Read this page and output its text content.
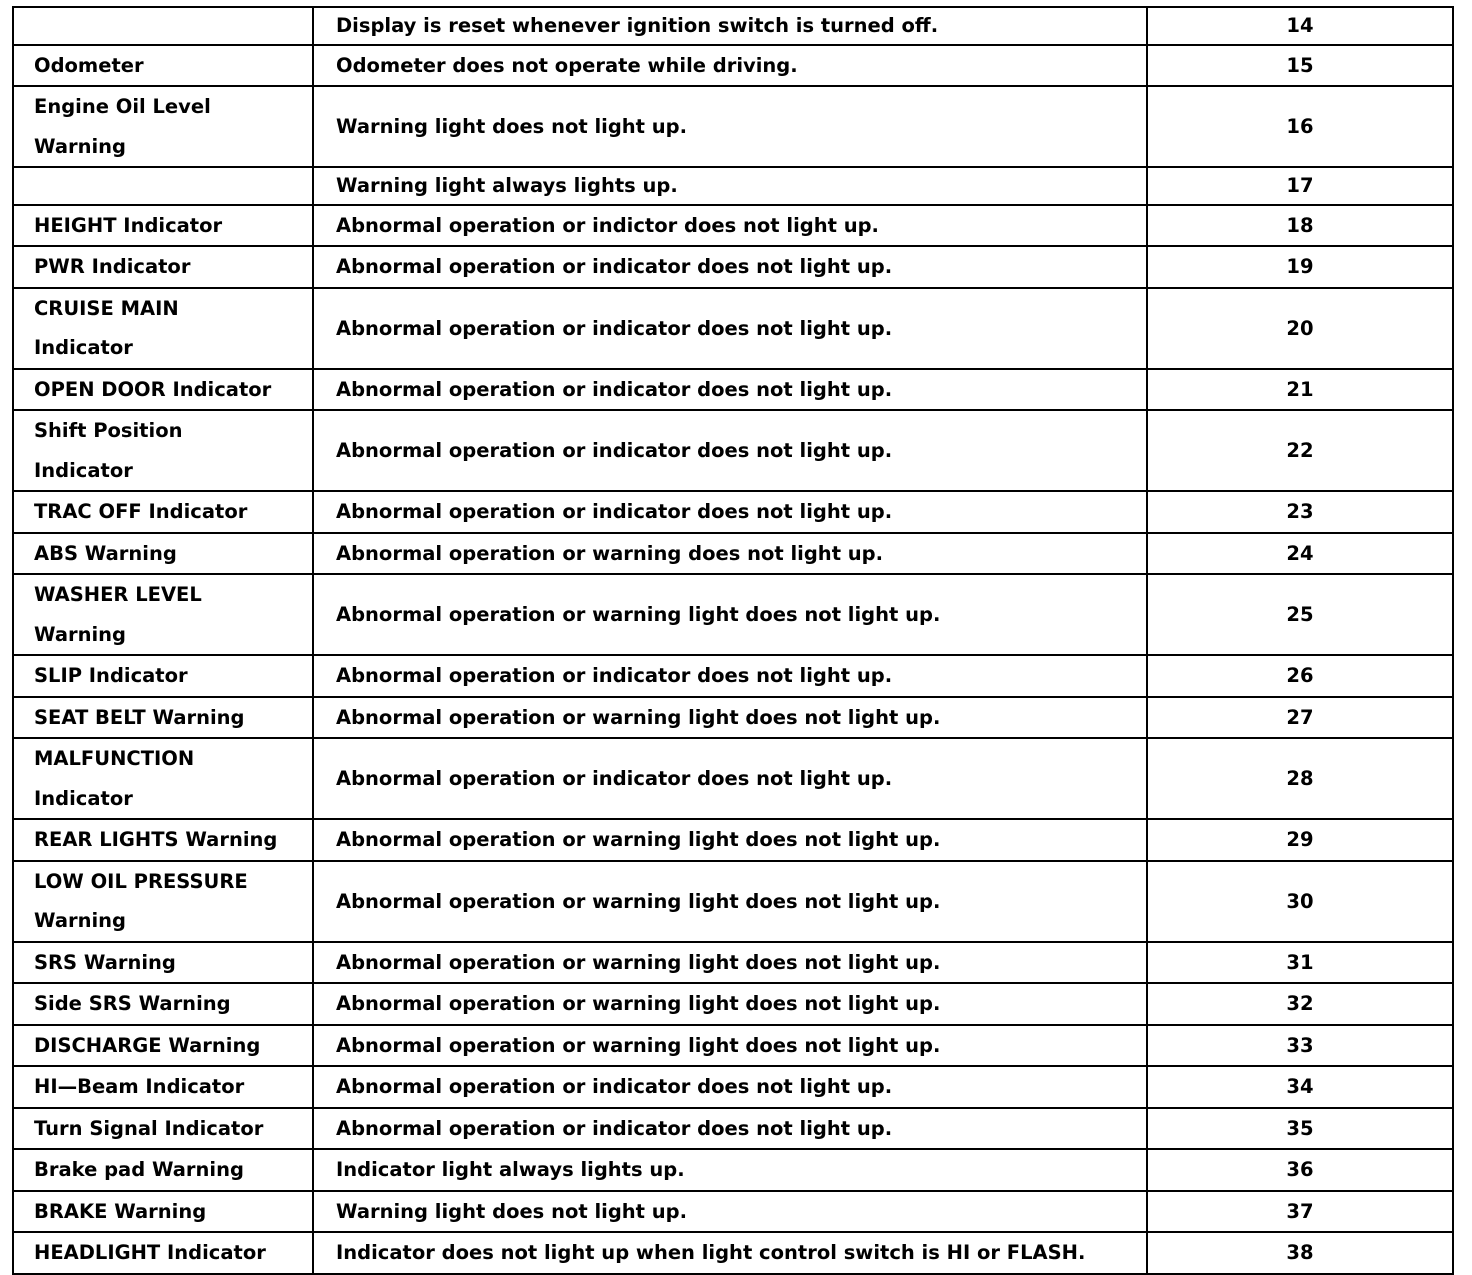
	Display is reset whenever ignition switch is turned off.	14

Odometer	Odometer does not operate while driving.	15

Engine Oil Level Warning	Warning light does not light up.	16

	Warning light always lights up.	17

HEIGHT Indicator	Abnormal operation or indictor does not light up.	18

PWR Indicator	Abnormal operation or indicator does not light up.	19

CRUISE MAIN Indicator	Abnormal operation or indicator does not light up.	20

OPEN DOOR Indicator	Abnormal operation or indicator does not light up.	21

Shift Position Indicator	Abnormal operation or indicator does not light up.	22

TRAC OFF Indicator	Abnormal operation or indicator does not light up.	23

ABS Warning	Abnormal operation or warning does not light up.	24

WASHER LEVEL Warning	Abnormal operation or warning light does not light up.	25

SLIP Indicator	Abnormal operation or indicator does not light up.	26

SEAT BELT Warning	Abnormal operation or warning light does not light up.	27

MALFUNCTION Indicator	Abnormal operation or indicator does not light up.	28

REAR LIGHTS Warning	Abnormal operation or warning light does not light up.	29

LOW OIL PRESSURE Warning	Abnormal operation or warning light does not light up.	30

SRS Warning	Abnormal operation or warning light does not light up.	31

Side SRS Warning	Abnormal operation or warning light does not light up.	32

DISCHARGE Warning	Abnormal operation or warning light does not light up.	33

HI—Beam Indicator	Abnormal operation or indicator does not light up.	34

Turn Signal Indicator	Abnormal operation or indicator does not light up.	35

Brake pad Warning	Indicator light always lights up.	36

BRAKE Warning	Warning light does not light up.	37

HEADLIGHT Indicator	Indicator does not light up when light control switch is HI or FLASH.	38
